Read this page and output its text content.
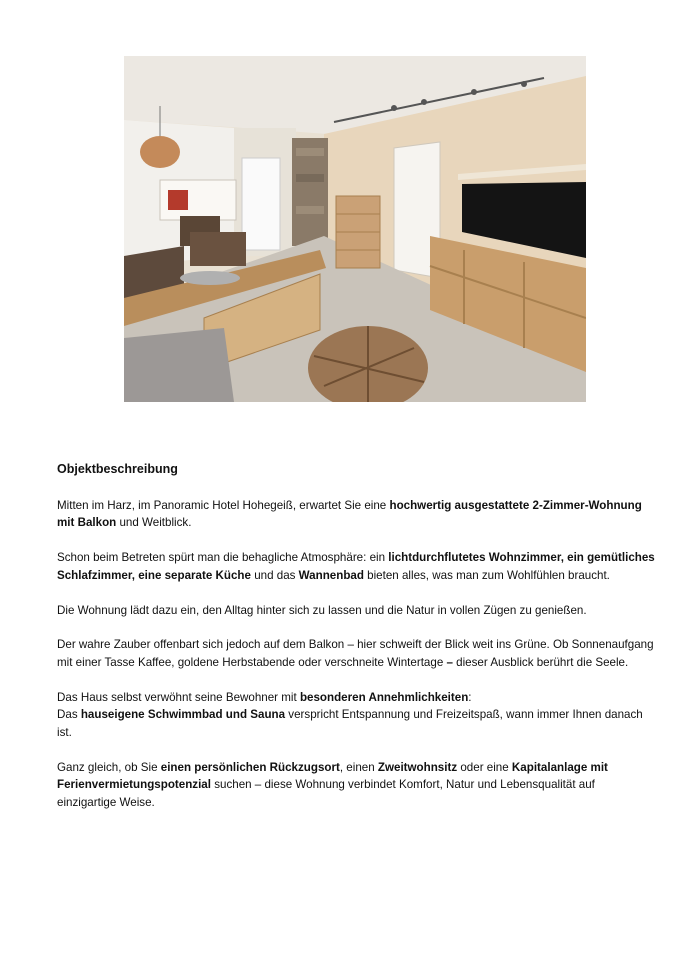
Objektbeschreibung

Mitten im Harz, im Panoramic Hotel Hohegeiß, erwartet Sie eine hochwertig ausgestattete 2-Zimmer-Wohnung mit Balkon und Weitblick.

Schon beim Betreten spürt man die behagliche Atmosphäre: ein lichtdurchflutetes Wohnzimmer, ein gemütliches Schlafzimmer, eine separate Küche und das Wannenbad bieten alles, was man zum Wohlfühlen braucht.

Die Wohnung lädt dazu ein, den Alltag hinter sich zu lassen und die Natur in vollen Zügen zu genießen.

Der wahre Zauber offenbart sich jedoch auf dem Balkon – hier schweift der Blick weit ins Grüne. Ob Sonnenaufgang mit einer Tasse Kaffee, goldene Herbstabende oder verschneite Wintertage – dieser Ausblick berührt die Seele.

Das Haus selbst verwöhnt seine Bewohner mit besonderen Annehmlichkeiten:
Das hauseigene Schwimmbad und Sauna verspricht Entspannung und Freizeitspaß, wann immer Ihnen danach ist.

Ganz gleich, ob Sie einen persönlichen Rückzugsort, einen Zweitwohnsitz oder eine Kapitalanlage mit Ferienvermietungspotenzial suchen – diese Wohnung verbindet Komfort, Natur und Lebensqualität auf einzigartige Weise.
